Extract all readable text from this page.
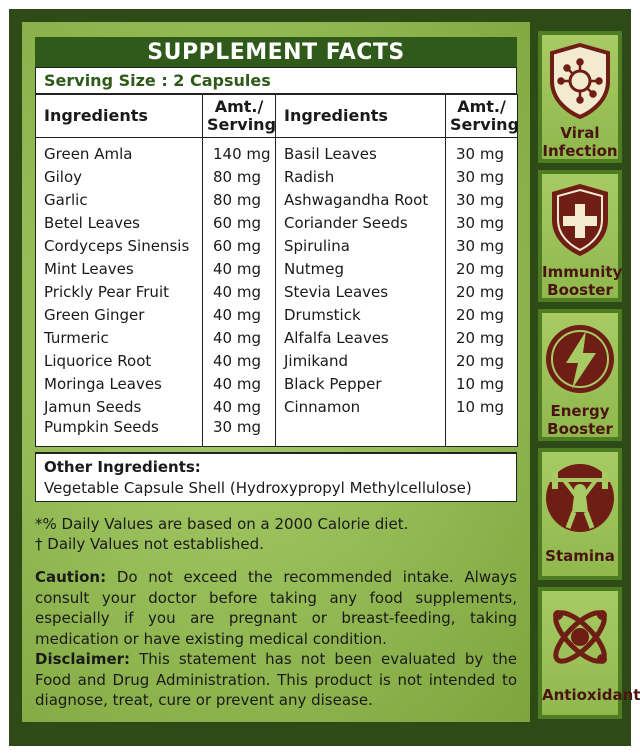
SUPPLEMENT FACTS
Serving Size : 2 Capsules
Ingredients	Amt./ Serving	Ingredients	Amt./ Serving
Green Amla	140 mg	Basil Leaves	30 mg
Giloy	80 mg	Radish	30 mg
Garlic	80 mg	Ashwagandha Root	30 mg
Betel Leaves	60 mg	Coriander Seeds	30 mg
Cordyceps Sinensis	60 mg	Spirulina	30 mg
Mint Leaves	40 mg	Nutmeg	20 mg
Prickly Pear Fruit	40 mg	Stevia Leaves	20 mg
Green Ginger	40 mg	Drumstick	20 mg
Turmeric	40 mg	Alfalfa Leaves	20 mg
Liquorice Root	40 mg	Jimikand	20 mg
Moringa Leaves	40 mg	Black Pepper	10 mg
Jamun Seeds	40 mg	Cinnamon	10 mg
Pumpkin Seeds	30 mg		
Other Ingredients:
Vegetable Capsule Shell (Hydroxypropyl Methylcellulose)
*% Daily Values are based on a 2000 Calorie diet.
† Daily Values not established.
Caution: Do not exceed the recommended intake. Always consult your doctor before taking any food supplements, especially if you are pregnant or breast-feeding, taking medication or have existing medical condition.
Disclaimer: This statement has not been evaluated by the Food and Drug Administration. This product is not intended to diagnose, treat, cure or prevent any disease.
Viral
Infection
Immunity
Booster
Energy
Booster
Stamina
Antioxidant
